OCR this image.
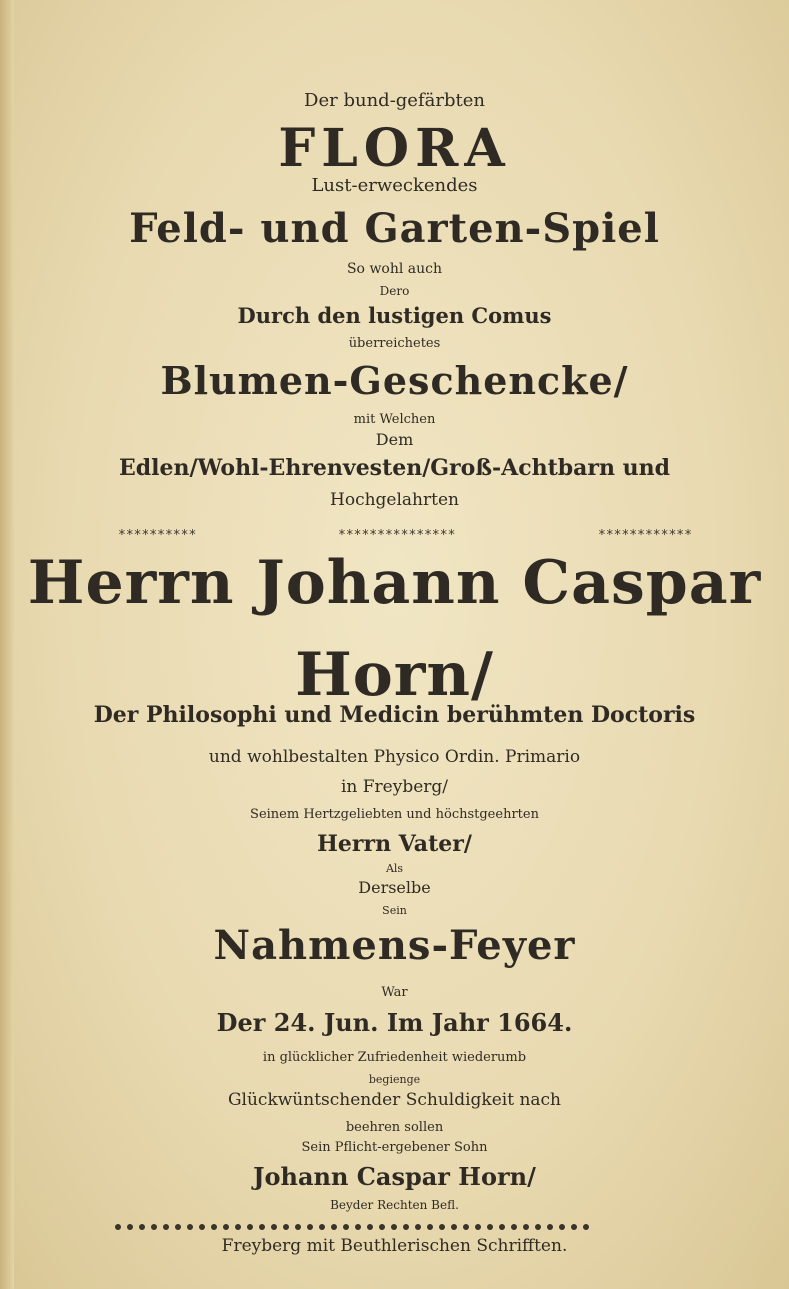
Der bund-gefärbten
FLORA
Lust-erweckendes
Feld- und Garten-Spiel
So wohl auch
Dero
Durch den lustigen Comus
überreichetes
Blumen-Geschencke/
mit Welchen
Dem
Edlen/Wohl-Ehrenvesten/Groß-Achtbarn und
Hochgelahrten
**********	***************	************
Herrn Johann Caspar
Horn/
Der Philosophi und Medicin berühmten Doctoris
und wohlbestalten Physico Ordin. Primario
in Freyberg/
Seinem Hertzgeliebten und höchstgeehrten
Herrn Vater/
Als
Derselbe
Sein
Nahmens-Feyer
War
Der 24. Jun. Im Jahr 1664.
in glücklicher Zufriedenheit wiederumb
begienge
Glückwüntschender Schuldigkeit nach
beehren sollen
Sein Pflicht-ergebener Sohn
Johann Caspar Horn/
Beyder Rechten Befl.
Freyberg mit Beuthlerischen Schrifften.
